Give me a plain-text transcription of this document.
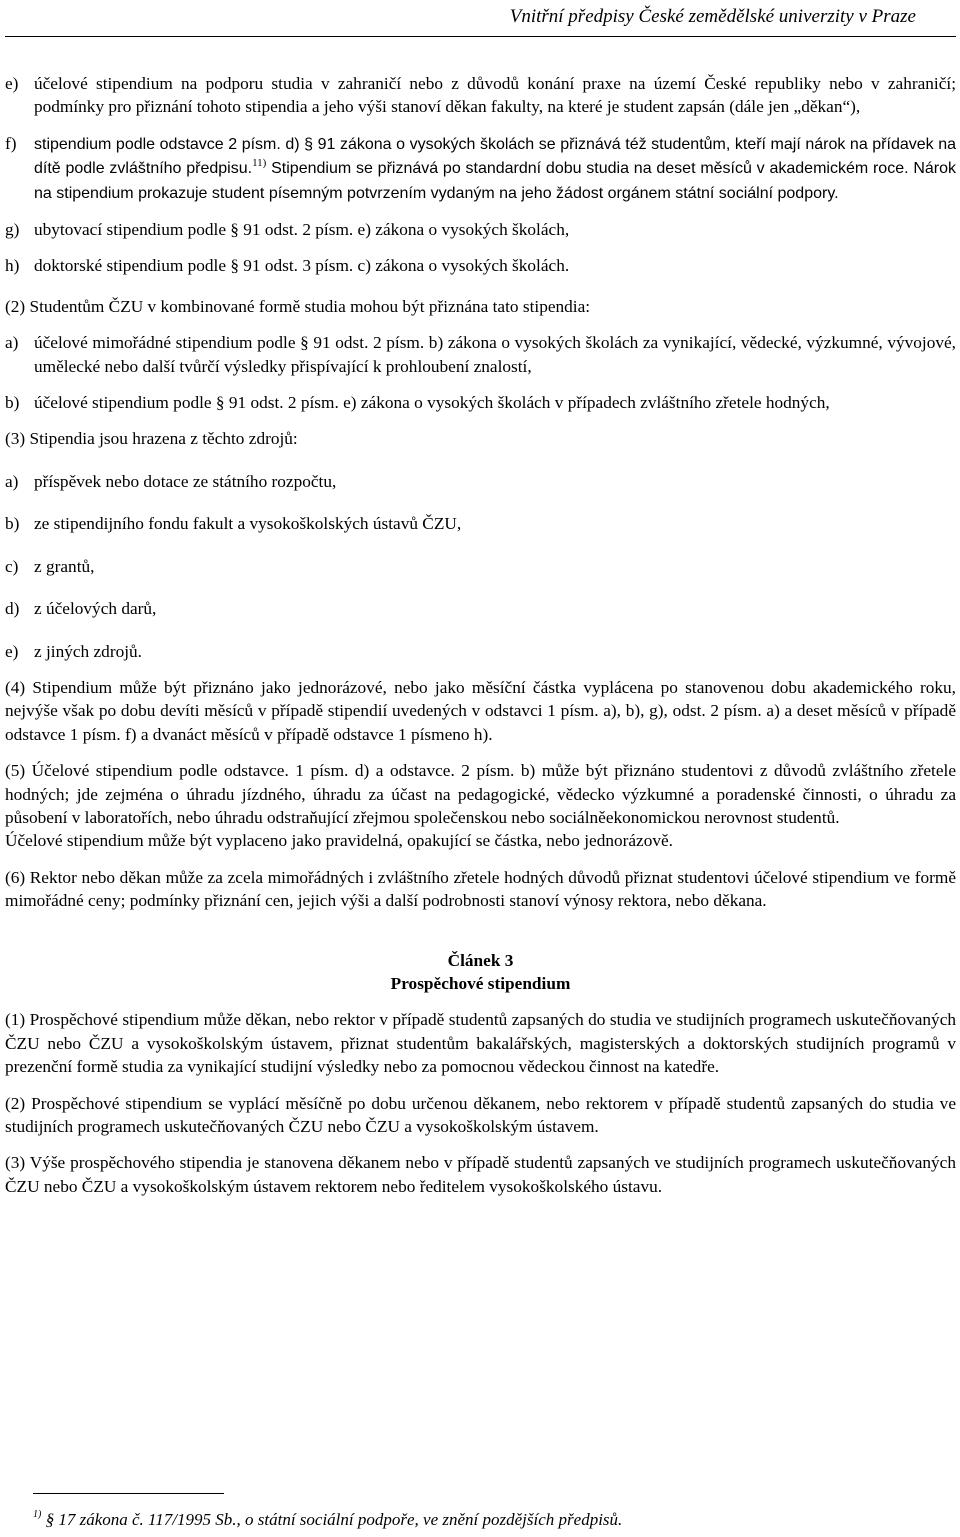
Vnitřní předpisy České zemědělské univerzity v Praze

e) účelové stipendium na podporu studia v zahraničí nebo z důvodů konání praxe na území České republiky nebo v zahraničí; podmínky pro přiznání tohoto stipendia a jeho výši stanoví děkan fakulty, na které je student zapsán (dále jen „děkan“),

f) stipendium podle odstavce 2 písm. d) § 91 zákona o vysokých školách se přiznává též studentům, kteří mají nárok na přídavek na dítě podle zvláštního předpisu.$^{11)}$ Stipendium se přiznává po standardní dobu studia na deset měsíců v akademickém roce. Nárok na stipendium prokazuje student písemným potvrzením vydaným na jeho žádost orgánem státní sociální podpory.

g) ubytovací stipendium podle § 91 odst. 2 písm. e) zákona o vysokých školách,

h) doktorské stipendium podle § 91 odst. 3 písm. c) zákona o vysokých školách.

(2) Studentům ČZU v kombinované formě studia mohou být přiznána tato stipendia:

a) účelové mimořádné stipendium podle § 91 odst. 2 písm. b) zákona o vysokých školách za vynikající, vědecké, výzkumné, vývojové, umělecké nebo další tvůrčí výsledky přispívající k prohloubení znalostí,

b) účelové stipendium podle § 91 odst. 2 písm. e) zákona o vysokých školách v případech zvláštního zřetele hodných,

(3) Stipendia jsou hrazena z těchto zdrojů:

a) příspěvek nebo dotace ze státního rozpočtu,

b) ze stipendijního fondu fakult a vysokoškolských ústavů ČZU,

c) z grantů,

d) z účelových darů,

e) z jiných zdrojů.

(4) Stipendium může být přiznáno jako jednorázové, nebo jako měsíční částka vyplácena po stanovenou dobu akademického roku, nejvýše však po dobu devíti měsíců v případě stipendií uvedených v odstavci 1 písm. a), b), g), odst. 2 písm. a) a deset měsíců v případě odstavce 1 písm. f) a dvanáct měsíců v případě odstavce 1 písmeno h).

(5) Účelové stipendium podle odstavce. 1 písm. d) a odstavce. 2 písm. b) může být přiznáno studentovi z důvodů zvláštního zřetele hodných; jde zejména o úhradu jízdného, úhradu za účast na pedagogické, vědecko výzkumné a poradenské činnosti, o úhradu za působení v laboratořích, nebo úhradu odstraňující zřejmou společenskou nebo sociálněekonomickou nerovnost studentů.

Účelové stipendium může být vyplaceno jako pravidelná, opakující se částka, nebo jednorázově.

(6) Rektor nebo děkan může za zcela mimořádných i zvláštního zřetele hodných důvodů přiznat studentovi účelové stipendium ve formě mimořádné ceny; podmínky přiznání cen, jejich výši a další podrobnosti stanoví výnosy rektora, nebo děkana.

Článek 3

Prospěchové stipendium

(1) Prospěchové stipendium může děkan, nebo rektor v případě studentů zapsaných do studia ve studijních programech uskutečňovaných ČZU nebo ČZU a vysokoškolským ústavem, přiznat studentům bakalářských, magisterských a doktorských studijních programů v prezenční formě studia za vynikající studijní výsledky nebo za pomocnou vědeckou činnost na katedře.

(2) Prospěchové stipendium se vyplácí měsíčně po dobu určenou děkanem, nebo rektorem v případě studentů zapsaných do studia ve studijních programech uskutečňovaných ČZU nebo ČZU a vysokoškolským ústavem.

(3) Výše prospěchového stipendia je stanovena děkanem nebo v případě studentů zapsaných ve studijních programech uskutečňovaných ČZU nebo ČZU a vysokoškolským ústavem rektorem nebo ředitelem vysokoškolského ústavu.

$^{1)}$ § 17 zákona č. 117/1995 Sb., o státní sociální podpoře, ve znění pozdějších předpisů.
